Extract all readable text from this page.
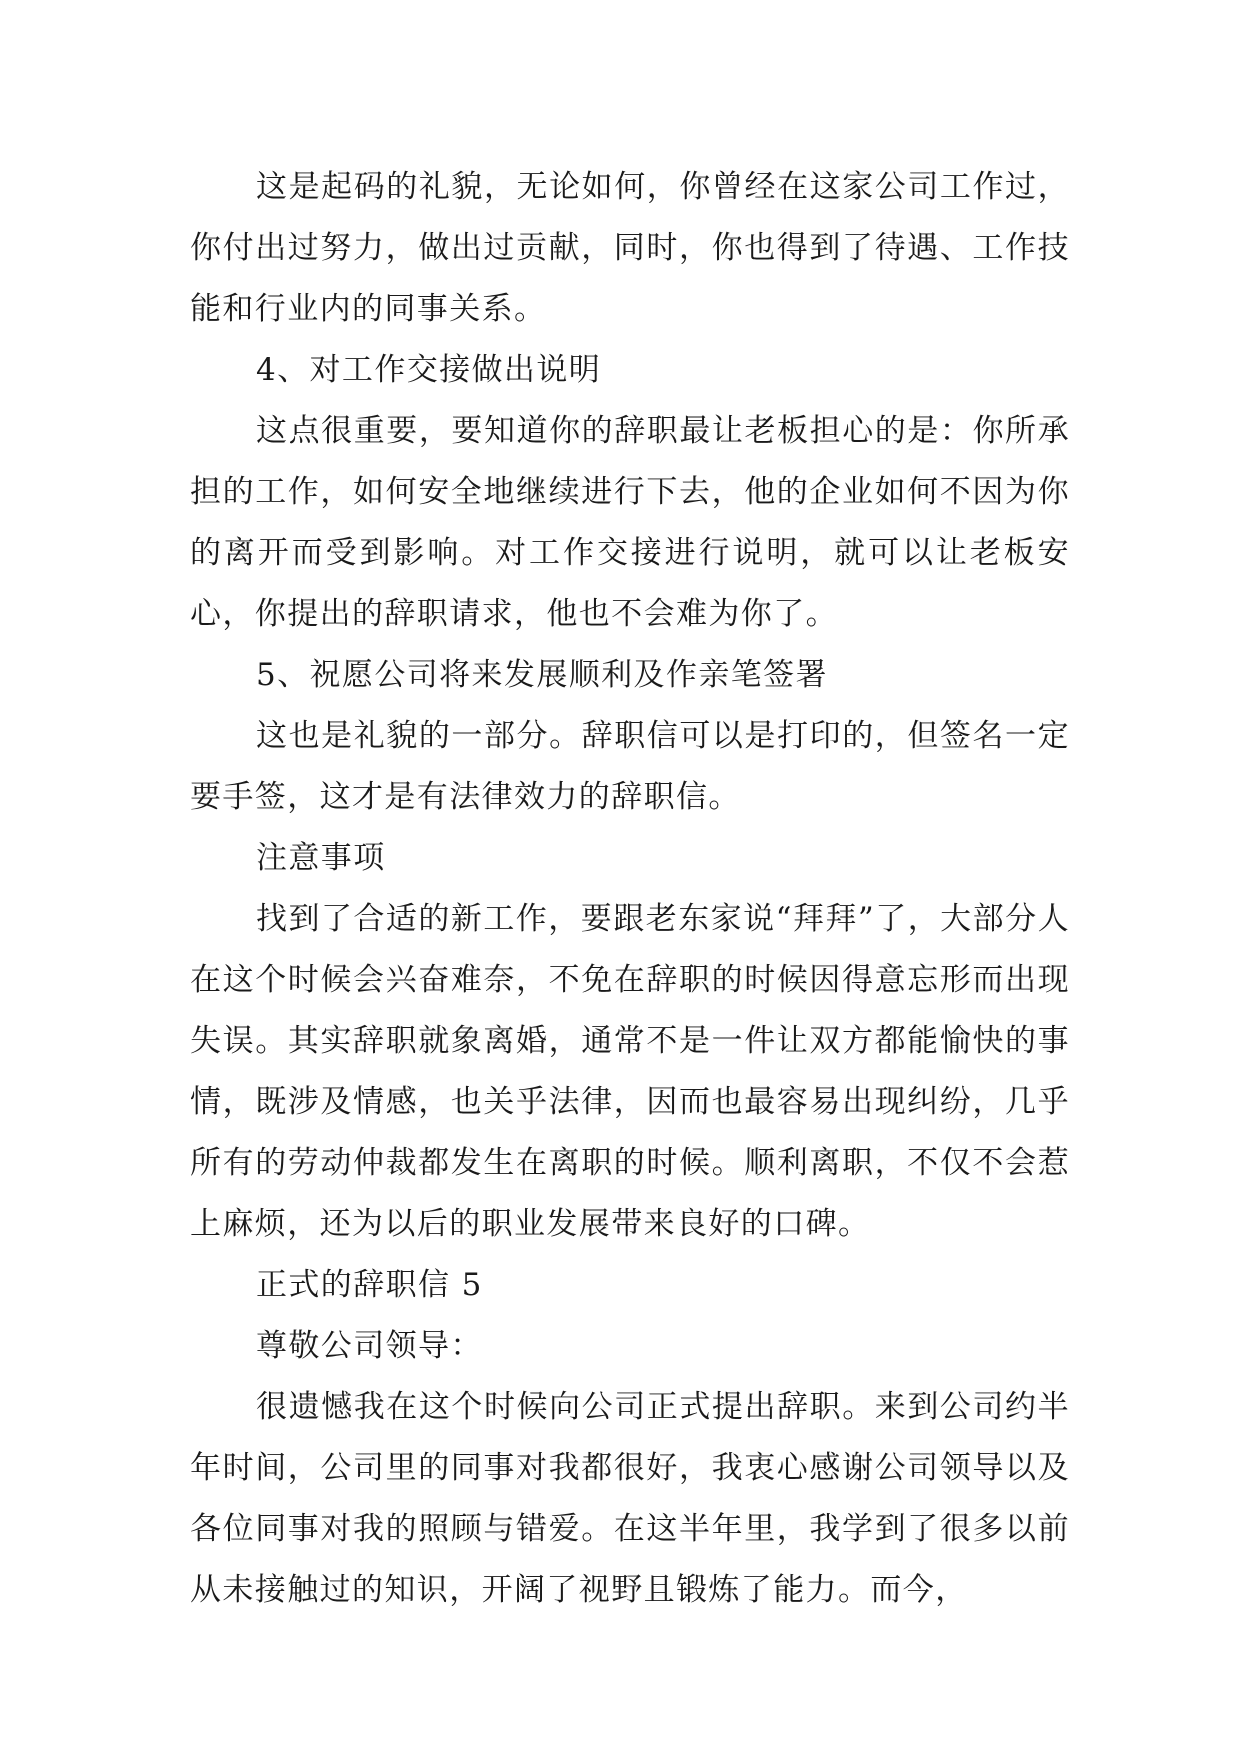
这是起码的礼貌，无论如何，你曾经在这家公司工作过，你付出过努力，做出过贡献，同时，你也得到了待遇、工作技能和行业内的同事关系。

4、对工作交接做出说明

这点很重要，要知道你的辞职最让老板担心的是：你所承担的工作，如何安全地继续进行下去，他的企业如何不因为你的离开而受到影响。对工作交接进行说明，就可以让老板安心，你提出的辞职请求，他也不会难为你了。

5、祝愿公司将来发展顺利及作亲笔签署

这也是礼貌的一部分。辞职信可以是打印的，但签名一定要手签，这才是有法律效力的辞职信。

注意事项

找到了合适的新工作，要跟老东家说“拜拜”了，大部分人在这个时候会兴奋难奈，不免在辞职的时候因得意忘形而出现失误。其实辞职就象离婚，通常不是一件让双方都能愉快的事情，既涉及情感，也关乎法律，因而也最容易出现纠纷，几乎所有的劳动仲裁都发生在离职的时候。顺利离职，不仅不会惹上麻烦，还为以后的职业发展带来良好的口碑。

正式的辞职信 5

尊敬公司领导：

很遗憾我在这个时候向公司正式提出辞职。来到公司约半年时间，公司里的同事对我都很好，我衷心感谢公司领导以及各位同事对我的照顾与错爱。在这半年里，我学到了很多以前从未接触过的知识，开阔了视野且锻炼了能力。而今，
